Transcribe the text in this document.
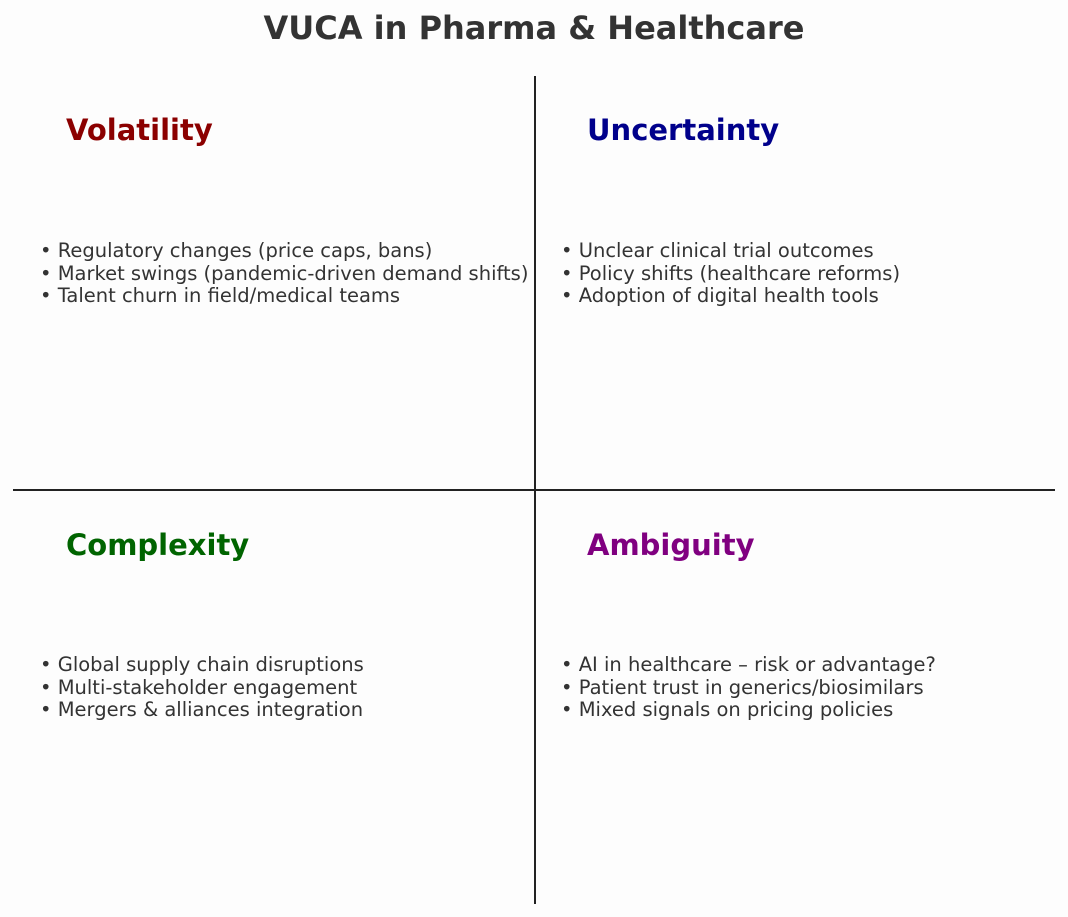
VUCA in Pharma & Healthcare
Volatility
• Regulatory changes (price caps, bans)
• Market swings (pandemic-driven demand shifts)
• Talent churn in field/medical teams
Uncertainty
• Unclear clinical trial outcomes
• Policy shifts (healthcare reforms)
• Adoption of digital health tools
Complexity
• Global supply chain disruptions
• Multi-stakeholder engagement
• Mergers & alliances integration
Ambiguity
• AI in healthcare – risk or advantage?
• Patient trust in generics/biosimilars
• Mixed signals on pricing policies
